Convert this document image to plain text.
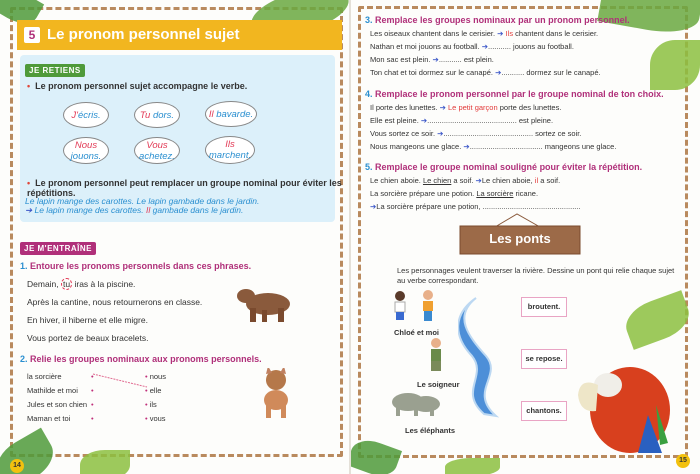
5 Le pronom personnel sujet
JE RETIENS
• Le pronom personnel sujet accompagne le verbe.
J'écris.	Tu dors.	Il bavarde.
Nous
jouons.
Vous
achetez.
Ils
marchent.
• Le pronom personnel peut remplacer un groupe nominal pour éviter les répétitions.
Le lapin mange des carottes. Le lapin gambade dans le jardin.
➔ Le lapin mange des carottes. Il gambade dans le jardin.
JE M'ENTRAÎNE
1. Entoure les pronoms personnels dans ces phrases.
Demain, tu iras à la piscine.
Après la cantine, nous retournerons en classe.
En hiver, il hiberne et elle migre.
Vous portez de beaux bracelets.
2. Relie les groupes nominaux aux pronoms personnels.
la sorcière
Mathilde et moi
Jules et son chien
Maman et toi
•
•
•
•
• nous
• elle
• ils
• vous
14
3. Remplace les groupes nominaux par un pronom personnel.
Les oiseaux chantent dans le cerisier. ➔ Ils chantent dans le cerisier.
Nathan et moi jouons au football. ➔........... jouons au football.
Mon sac est plein. ➔........... est plein.
Ton chat et toi dormez sur le canapé. ➔........... dormez sur le canapé.
4. Remplace le pronom personnel par le groupe nominal de ton choix.
Il porte des lunettes. ➔ Le petit garçon porte des lunettes.
Elle est pleine. ➔........................................... est pleine.
Vous sortez ce soir. ➔........................................... sortez ce soir.
Nous mangeons une glace. ➔................................... mangeons une glace.
5. Remplace le groupe nominal souligné pour éviter la répétition.
Le chien aboie. Le chien a soif. ➔Le chien aboie, il a soif.
La sorcière prépare une potion. La sorcière ricane.
➔La sorcière prépare une potion, ...............................................
Les ponts
Les personnages veulent traverser la rivière. Dessine un pont qui relie chaque sujet au verbe correspondant.
Chloé et moi
Le soigneur
Les éléphants
broutent.
se repose.
chantons.
15
